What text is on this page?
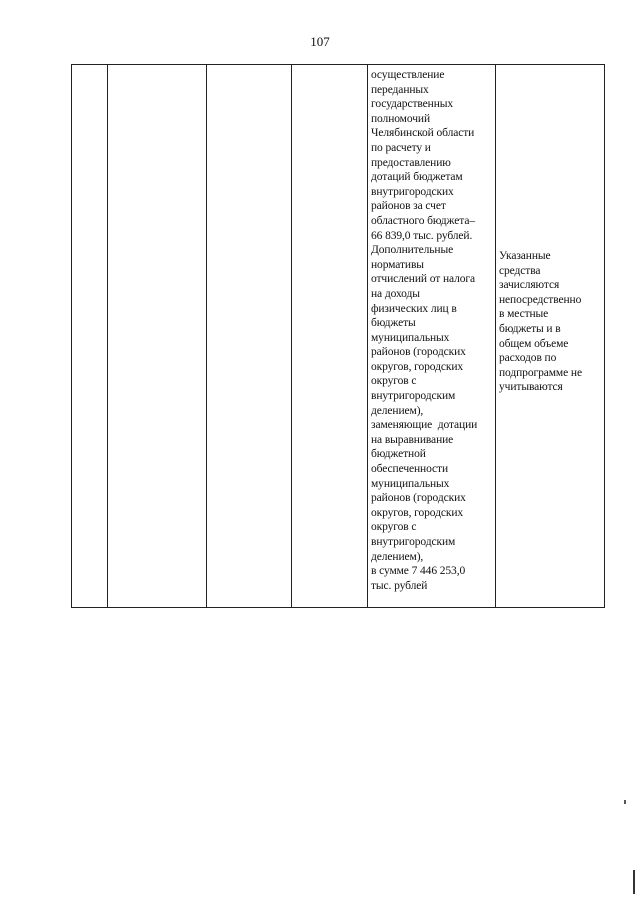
107
осуществление
переданных
государственных
полномочий
Челябинской области
по расчету и
предоставлению
дотаций бюджетам
внутригородских
районов за счет
областного бюджета–
66 839,0 тыс. рублей.
Дополнительные
нормативы
отчислений от налога
на доходы
физических лиц в
бюджеты
муниципальных
районов (городских
округов, городских
округов с
внутригородским
делением),
заменяющие  дотации
на выравнивание
бюджетной
обеспеченности
муниципальных
районов (городских
округов, городских
округов с
внутригородским
делением),
в сумме 7 446 253,0
тыс. рублей
Указанные
средства
зачисляются
непосредственно
в местные
бюджеты и в
общем объеме
расходов по
подпрограмме не
учитываются
